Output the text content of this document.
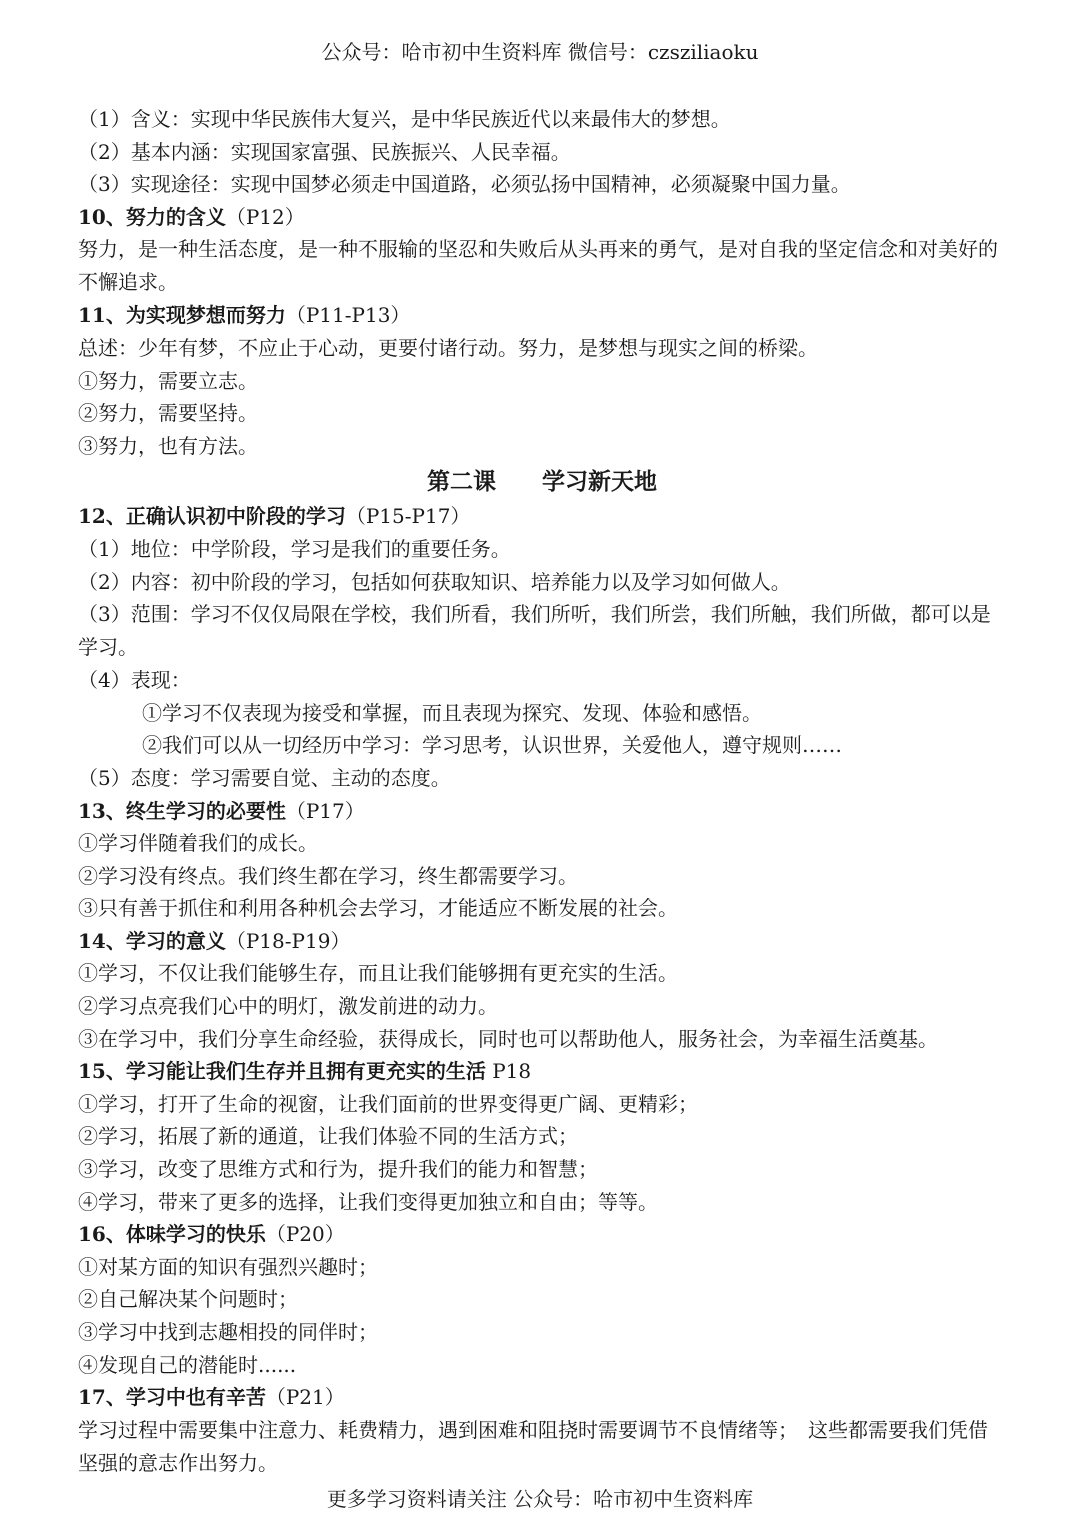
公众号：哈市初中生资料库 微信号：czsziliaoku
（1）含义：实现中华民族伟大复兴，是中华民族近代以来最伟大的梦想。
（2）基本内涵：实现国家富强、民族振兴、人民幸福。
（3）实现途径：实现中国梦必须走中国道路，必须弘扬中国精神，必须凝聚中国力量。
10、努力的含义（P12）
努力，是一种生活态度，是一种不服输的坚忍和失败后从头再来的勇气，是对自我的坚定信念和对美好的不懈追求。
11、为实现梦想而努力（P11-P13）
总述：少年有梦，不应止于心动，更要付诸行动。努力，是梦想与现实之间的桥梁。
①努力，需要立志。
②努力，需要坚持。
③努力，也有方法。
第二课　　学习新天地
12、正确认识初中阶段的学习（P15-P17）
（1）地位：中学阶段，学习是我们的重要任务。
（2）内容：初中阶段的学习，包括如何获取知识、培养能力以及学习如何做人。
（3）范围：学习不仅仅局限在学校，我们所看，我们所听，我们所尝，我们所触，我们所做，都可以是学习。
（4）表现：
①学习不仅表现为接受和掌握，而且表现为探究、发现、体验和感悟。
②我们可以从一切经历中学习：学习思考，认识世界，关爱他人，遵守规则……
（5）态度：学习需要自觉、主动的态度。
13、终生学习的必要性（P17）
①学习伴随着我们的成长。
②学习没有终点。我们终生都在学习，终生都需要学习。
③只有善于抓住和利用各种机会去学习，才能适应不断发展的社会。
14、学习的意义（P18-P19）
①学习，不仅让我们能够生存，而且让我们能够拥有更充实的生活。
②学习点亮我们心中的明灯，激发前进的动力。
③在学习中，我们分享生命经验，获得成长，同时也可以帮助他人，服务社会，为幸福生活奠基。
15、学习能让我们生存并且拥有更充实的生活 P18
①学习，打开了生命的视窗，让我们面前的世界变得更广阔、更精彩；
②学习，拓展了新的通道，让我们体验不同的生活方式；
③学习，改变了思维方式和行为，提升我们的能力和智慧；
④学习，带来了更多的选择，让我们变得更加独立和自由；等等。
16、体味学习的快乐（P20）
①对某方面的知识有强烈兴趣时；
②自己解决某个问题时；
③学习中找到志趣相投的同伴时；
④发现自己的潜能时......
17、学习中也有辛苦（P21）
学习过程中需要集中注意力、耗费精力，遇到困难和阻挠时需要调节不良情绪等；　这些都需要我们凭借坚强的意志作出努力。
更多学习资料请关注 公众号：哈市初中生资料库
